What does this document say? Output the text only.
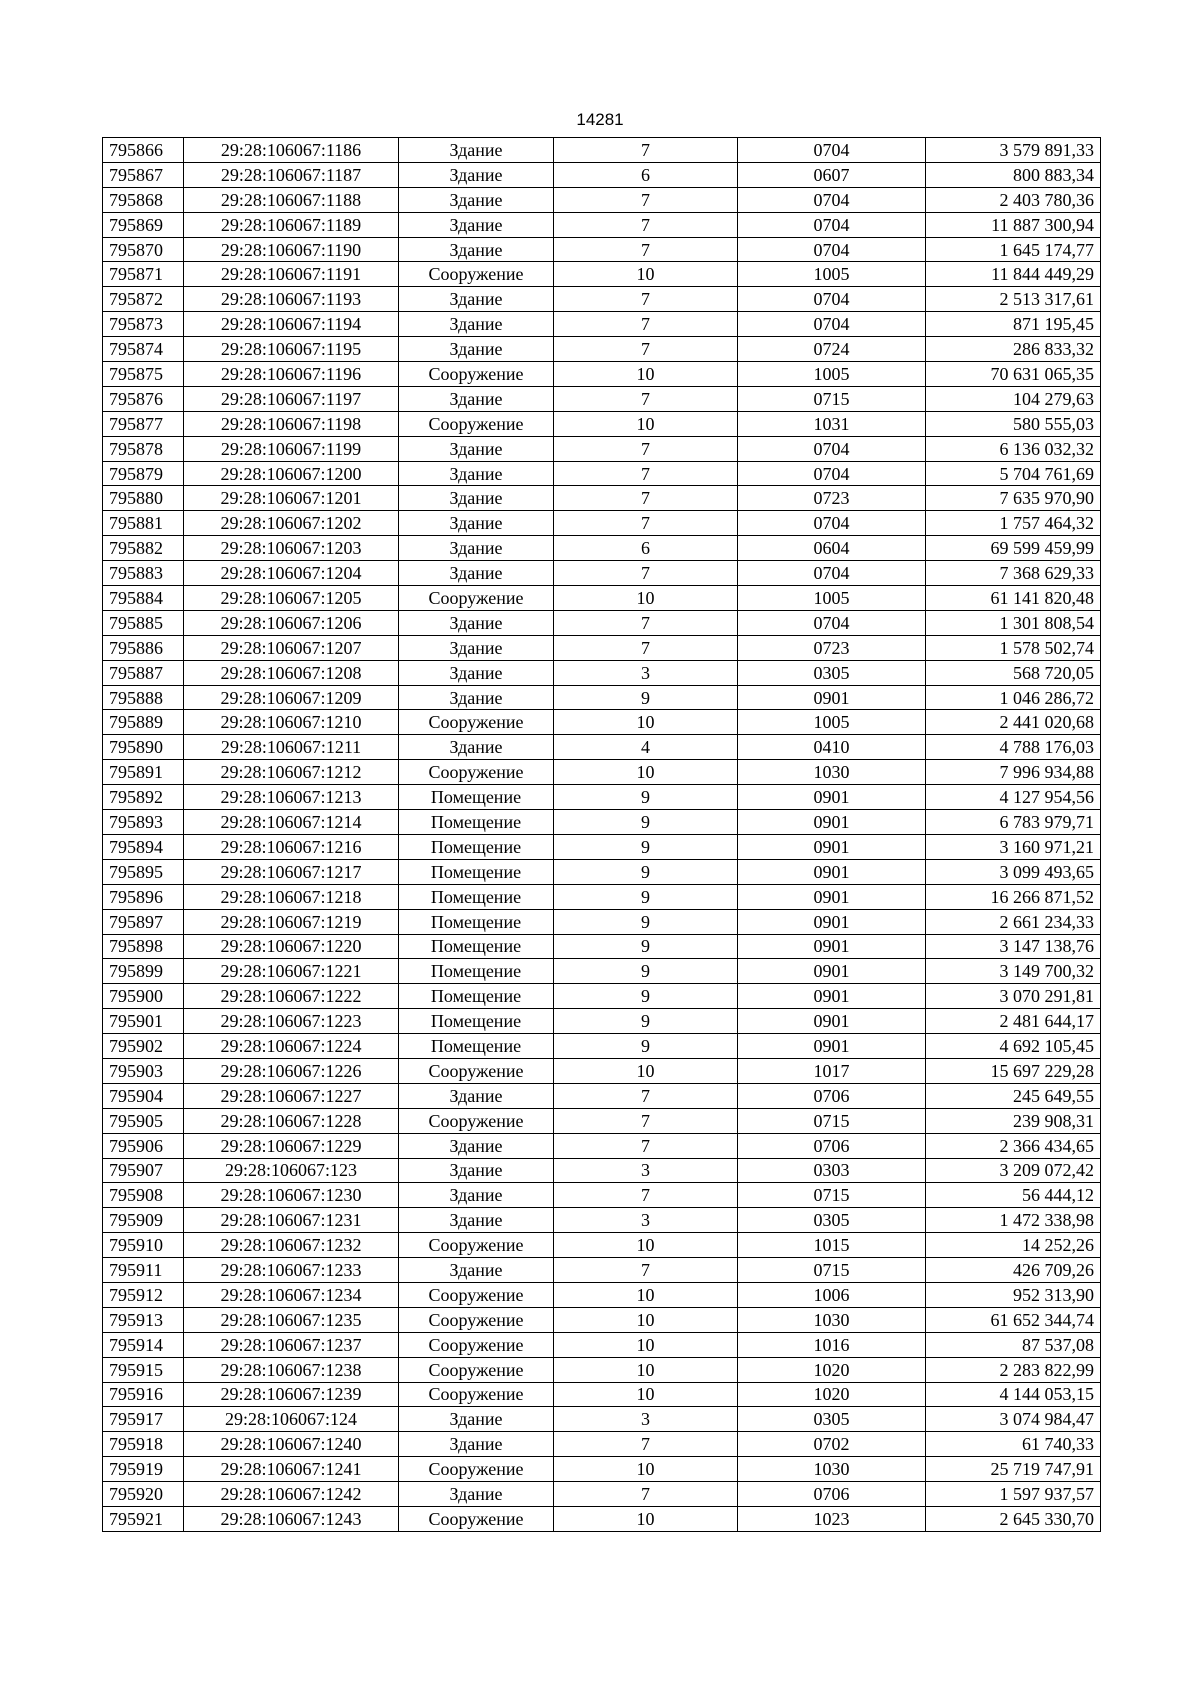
14281
795866	29:28:106067:1186	Здание	7	0704	3 579 891,33
795867	29:28:106067:1187	Здание	6	0607	800 883,34
795868	29:28:106067:1188	Здание	7	0704	2 403 780,36
795869	29:28:106067:1189	Здание	7	0704	11 887 300,94
795870	29:28:106067:1190	Здание	7	0704	1 645 174,77
795871	29:28:106067:1191	Сооружение	10	1005	11 844 449,29
795872	29:28:106067:1193	Здание	7	0704	2 513 317,61
795873	29:28:106067:1194	Здание	7	0704	871 195,45
795874	29:28:106067:1195	Здание	7	0724	286 833,32
795875	29:28:106067:1196	Сооружение	10	1005	70 631 065,35
795876	29:28:106067:1197	Здание	7	0715	104 279,63
795877	29:28:106067:1198	Сооружение	10	1031	580 555,03
795878	29:28:106067:1199	Здание	7	0704	6 136 032,32
795879	29:28:106067:1200	Здание	7	0704	5 704 761,69
795880	29:28:106067:1201	Здание	7	0723	7 635 970,90
795881	29:28:106067:1202	Здание	7	0704	1 757 464,32
795882	29:28:106067:1203	Здание	6	0604	69 599 459,99
795883	29:28:106067:1204	Здание	7	0704	7 368 629,33
795884	29:28:106067:1205	Сооружение	10	1005	61 141 820,48
795885	29:28:106067:1206	Здание	7	0704	1 301 808,54
795886	29:28:106067:1207	Здание	7	0723	1 578 502,74
795887	29:28:106067:1208	Здание	3	0305	568 720,05
795888	29:28:106067:1209	Здание	9	0901	1 046 286,72
795889	29:28:106067:1210	Сооружение	10	1005	2 441 020,68
795890	29:28:106067:1211	Здание	4	0410	4 788 176,03
795891	29:28:106067:1212	Сооружение	10	1030	7 996 934,88
795892	29:28:106067:1213	Помещение	9	0901	4 127 954,56
795893	29:28:106067:1214	Помещение	9	0901	6 783 979,71
795894	29:28:106067:1216	Помещение	9	0901	3 160 971,21
795895	29:28:106067:1217	Помещение	9	0901	3 099 493,65
795896	29:28:106067:1218	Помещение	9	0901	16 266 871,52
795897	29:28:106067:1219	Помещение	9	0901	2 661 234,33
795898	29:28:106067:1220	Помещение	9	0901	3 147 138,76
795899	29:28:106067:1221	Помещение	9	0901	3 149 700,32
795900	29:28:106067:1222	Помещение	9	0901	3 070 291,81
795901	29:28:106067:1223	Помещение	9	0901	2 481 644,17
795902	29:28:106067:1224	Помещение	9	0901	4 692 105,45
795903	29:28:106067:1226	Сооружение	10	1017	15 697 229,28
795904	29:28:106067:1227	Здание	7	0706	245 649,55
795905	29:28:106067:1228	Сооружение	7	0715	239 908,31
795906	29:28:106067:1229	Здание	7	0706	2 366 434,65
795907	29:28:106067:123	Здание	3	0303	3 209 072,42
795908	29:28:106067:1230	Здание	7	0715	56 444,12
795909	29:28:106067:1231	Здание	3	0305	1 472 338,98
795910	29:28:106067:1232	Сооружение	10	1015	14 252,26
795911	29:28:106067:1233	Здание	7	0715	426 709,26
795912	29:28:106067:1234	Сооружение	10	1006	952 313,90
795913	29:28:106067:1235	Сооружение	10	1030	61 652 344,74
795914	29:28:106067:1237	Сооружение	10	1016	87 537,08
795915	29:28:106067:1238	Сооружение	10	1020	2 283 822,99
795916	29:28:106067:1239	Сооружение	10	1020	4 144 053,15
795917	29:28:106067:124	Здание	3	0305	3 074 984,47
795918	29:28:106067:1240	Здание	7	0702	61 740,33
795919	29:28:106067:1241	Сооружение	10	1030	25 719 747,91
795920	29:28:106067:1242	Здание	7	0706	1 597 937,57
795921	29:28:106067:1243	Сооружение	10	1023	2 645 330,70
